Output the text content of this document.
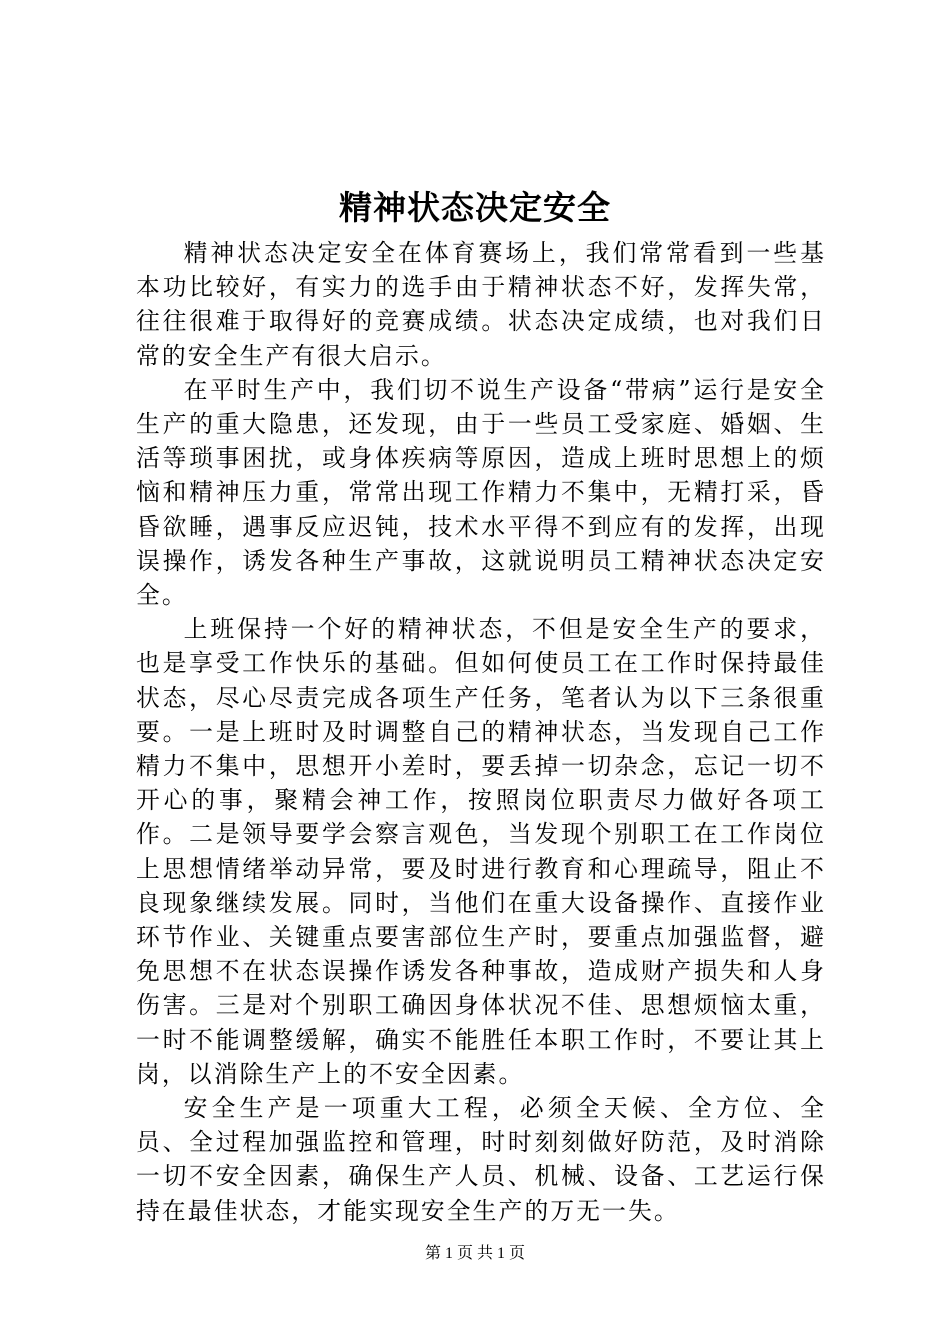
精神状态决定安全

精神状态决定安全在体育赛场上，我们常常看到一些基本功比较好，有实力的选手由于精神状态不好，发挥失常，往往很难于取得好的竞赛成绩。状态决定成绩，也对我们日常的安全生产有很大启示。

在平时生产中，我们切不说生产设备“带病”运行是安全生产的重大隐患，还发现，由于一些员工受家庭、婚姻、生活等琐事困扰，或身体疾病等原因，造成上班时思想上的烦恼和精神压力重，常常出现工作精力不集中，无精打采，昏昏欲睡，遇事反应迟钝，技术水平得不到应有的发挥，出现误操作，诱发各种生产事故，这就说明员工精神状态决定安全。

上班保持一个好的精神状态，不但是安全生产的要求，也是享受工作快乐的基础。但如何使员工在工作时保持最佳状态，尽心尽责完成各项生产任务，笔者认为以下三条很重要。一是上班时及时调整自己的精神状态，当发现自己工作精力不集中，思想开小差时，要丢掉一切杂念，忘记一切不开心的事，聚精会神工作，按照岗位职责尽力做好各项工作。二是领导要学会察言观色，当发现个别职工在工作岗位上思想情绪举动异常，要及时进行教育和心理疏导，阻止不良现象继续发展。同时，当他们在重大设备操作、直接作业环节作业、关键重点要害部位生产时，要重点加强监督，避免思想不在状态误操作诱发各种事故，造成财产损失和人身伤害。三是对个别职工确因身体状况不佳、思想烦恼太重，一时不能调整缓解，确实不能胜任本职工作时，不要让其上岗，以消除生产上的不安全因素。

安全生产是一项重大工程，必须全天候、全方位、全员、全过程加强监控和管理，时时刻刻做好防范，及时消除一切不安全因素，确保生产人员、机械、设备、工艺运行保持在最佳状态，才能实现安全生产的万无一失。

第 1 页 共 1 页
